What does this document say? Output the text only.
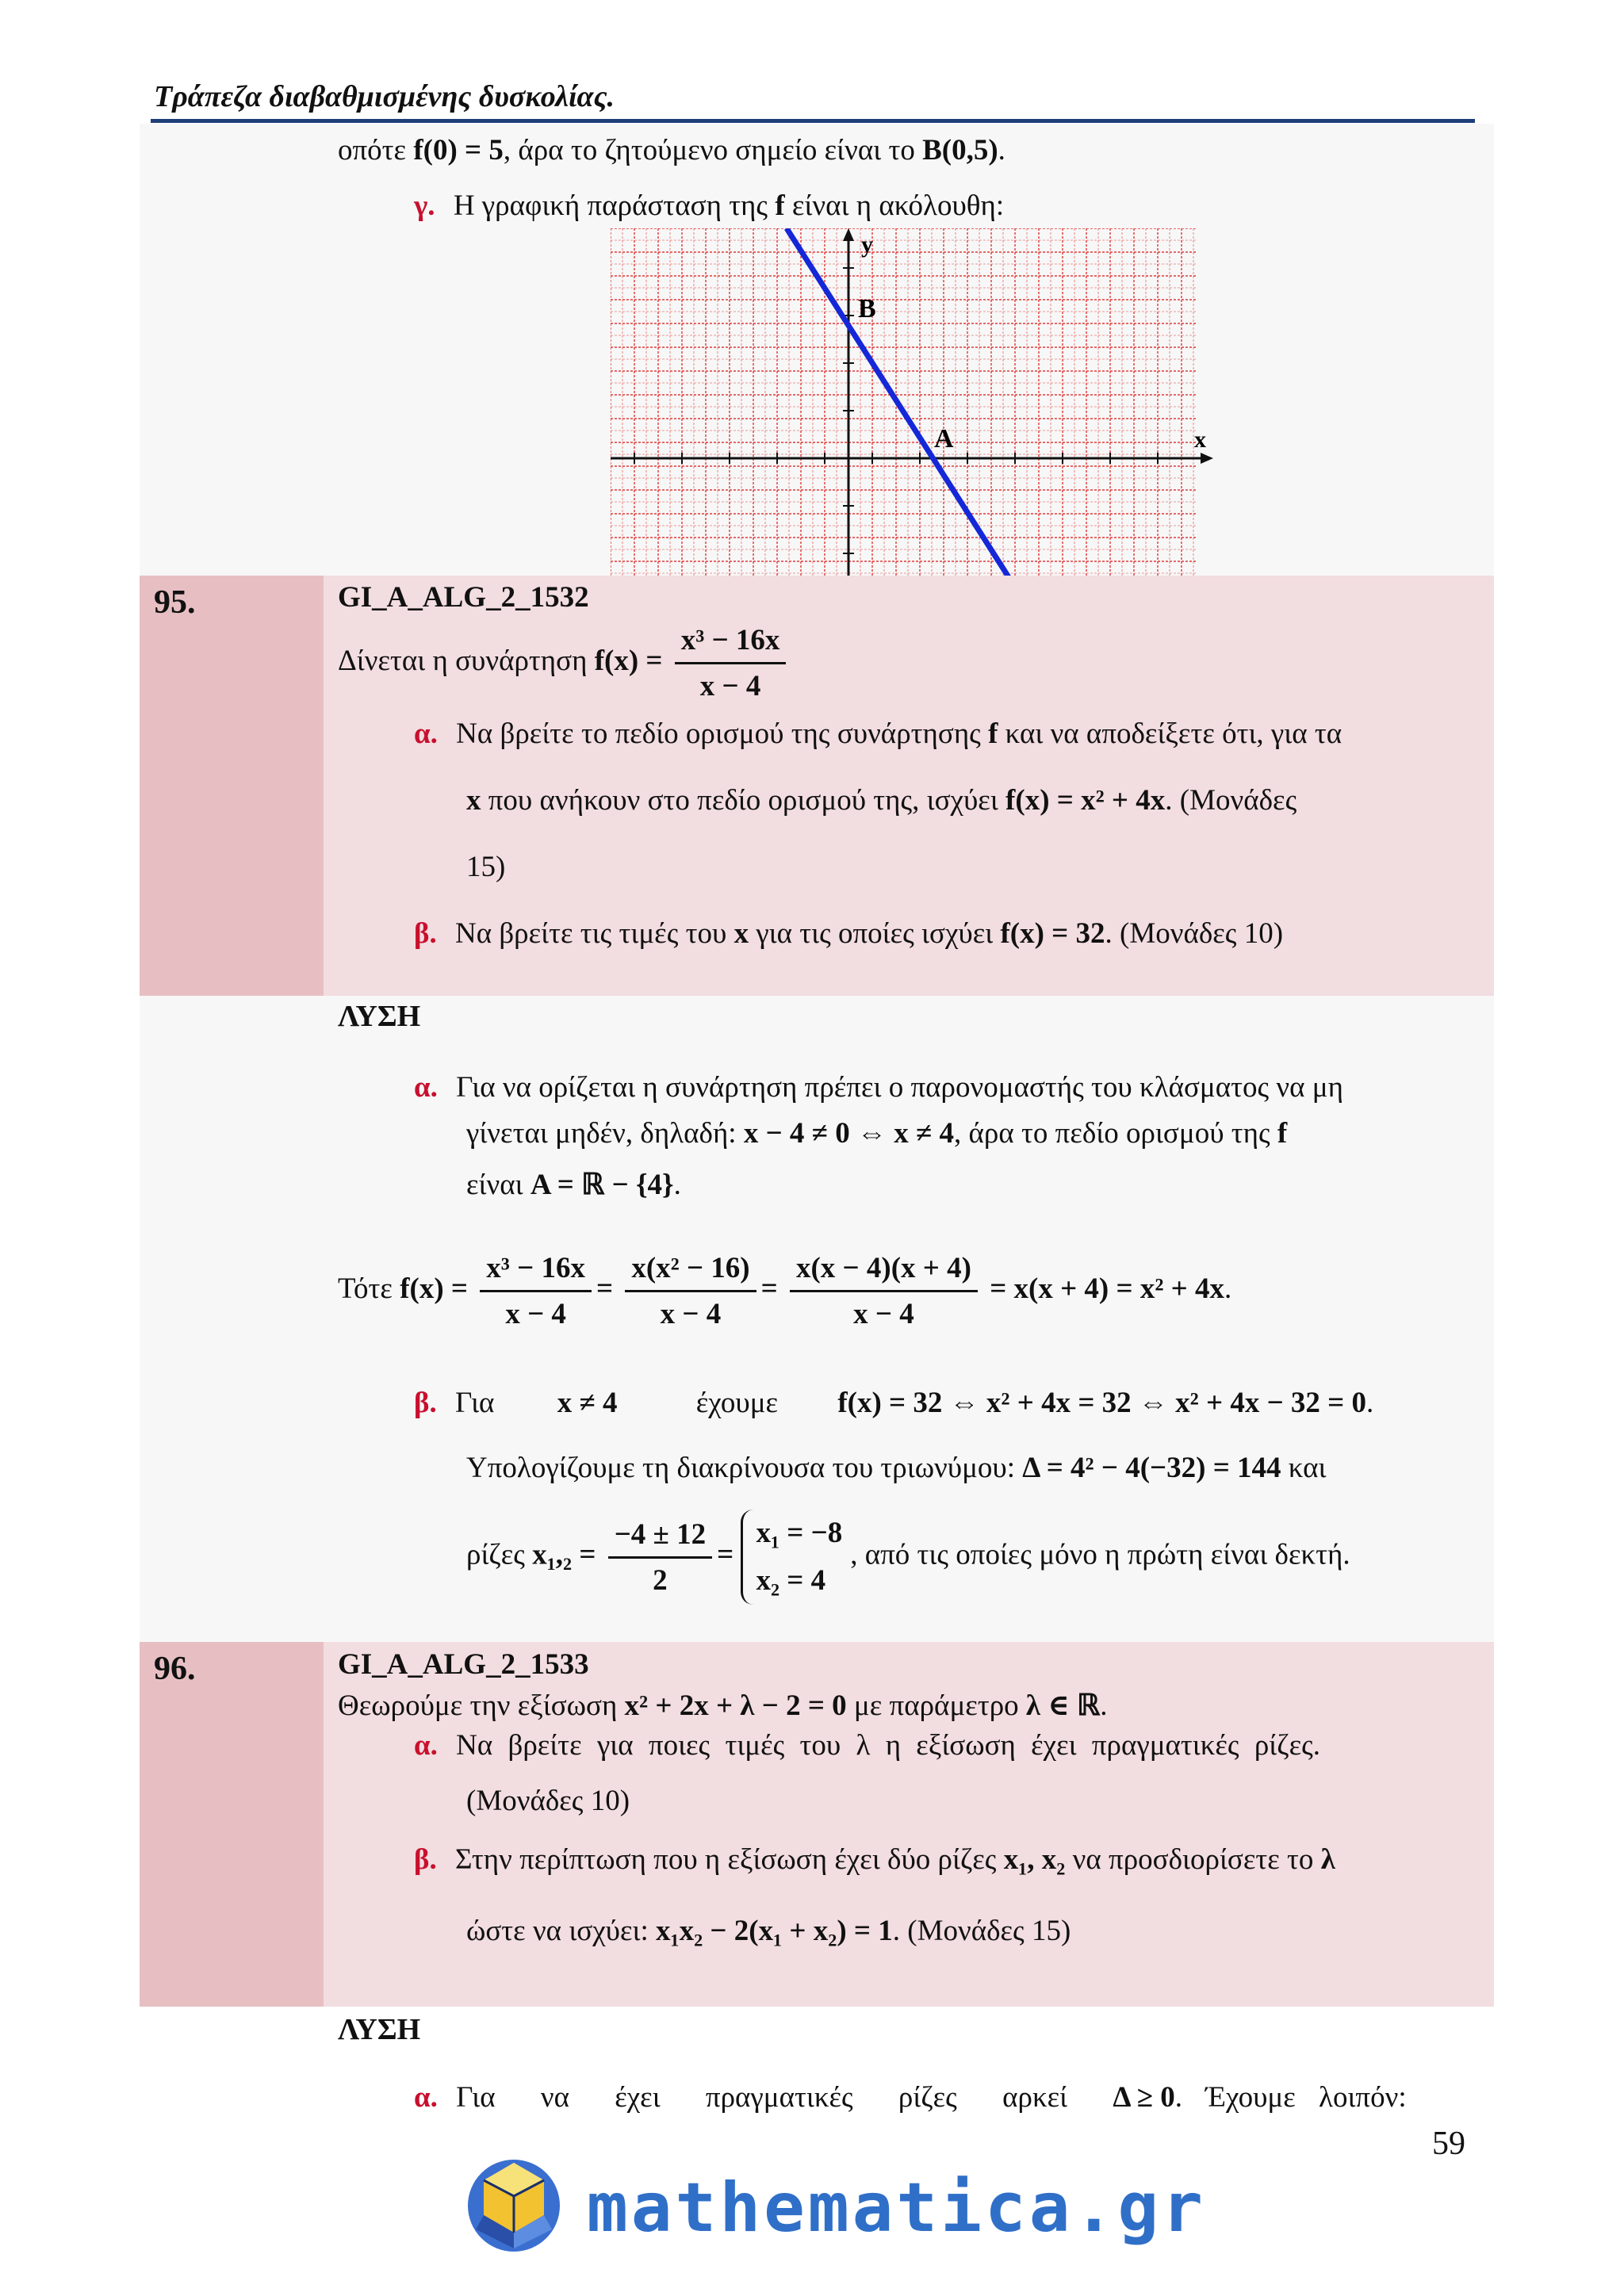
Τράπεζα διαβαθμισμένης δυσκολίας.
οπότε f(0) = 5, άρα το ζητούμενο σημείο είναι το B(0,5).
γ. Η γραφική παράσταση της f είναι η ακόλουθη:
y
x
B
A
95.	GI_A_ALG_2_1532
Δίνεται η συνάρτηση $f(x) = \frac{\text{x³ − 16x}}{x - 4}$
α. Να βρείτε το πεδίο ορισμού της συνάρτησης f και να αποδείξετε ότι, για τα
x που ανήκουν στο πεδίο ορισμού της, ισχύει f(x) = x² + 4x. (Μονάδες
15)
β. Να βρείτε τις τιμές του x για τις οποίες ισχύει f(x) = 32. (Μονάδες 10)
ΛΥΣΗ
α. Για να ορίζεται η συνάρτηση πρέπει ο παρονομαστής του κλάσματος να μη
γίνεται μηδέν, δηλαδή: x − 4 ≠ 0 ⇔ x ≠ 4, άρα το πεδίο ορισμού της f
είναι A = ℝ − {4}.
Τότε $f(x) = \frac{\text{x³ − 16x}}{x - 4} = \frac{\text{x(x² − 16)}}{x - 4} = \frac{x(x - 4)(x + 4)}{x - 4} = x(x + 4) = x^2 + 4x$.
β. Για x ≠ 4	έχουμε f(x) = 32 ⇔ x² + 4x = 32 ⇔ x² + 4x − 32 = 0.
Υπολογίζουμε τη διακρίνουσα του τριωνύμου: Δ = 4² − 4(−32) = 144 και
ρίζες $x_1,_2 = \frac{-4 \pm 12}{2}$ =
x₁ = −8
x₂ = 4
, από τις οποίες μόνο η πρώτη είναι δεκτή.
96.	GI_A_ALG_2_1533
Θεωρούμε την εξίσωση x² + 2x + λ − 2 = 0 με παράμετρο λ ∈ ℝ.
α. Να βρείτε για ποιες τιμές του λ η εξίσωση έχει πραγματικές ρίζες.
(Μονάδες 10)
β. Στην περίπτωση που η εξίσωση έχει δύο ρίζες x₁, x₂ να προσδιορίσετε το λ
ώστε να ισχύει: x₁x₂ − 2(x₁ + x₂) = 1. (Μονάδες 15)
ΛΥΣΗ
α. Για να έχει πραγματικές ρίζες αρκεί Δ ≥ 0. Έχουμε λοιπόν:
59
mathematica.gr
